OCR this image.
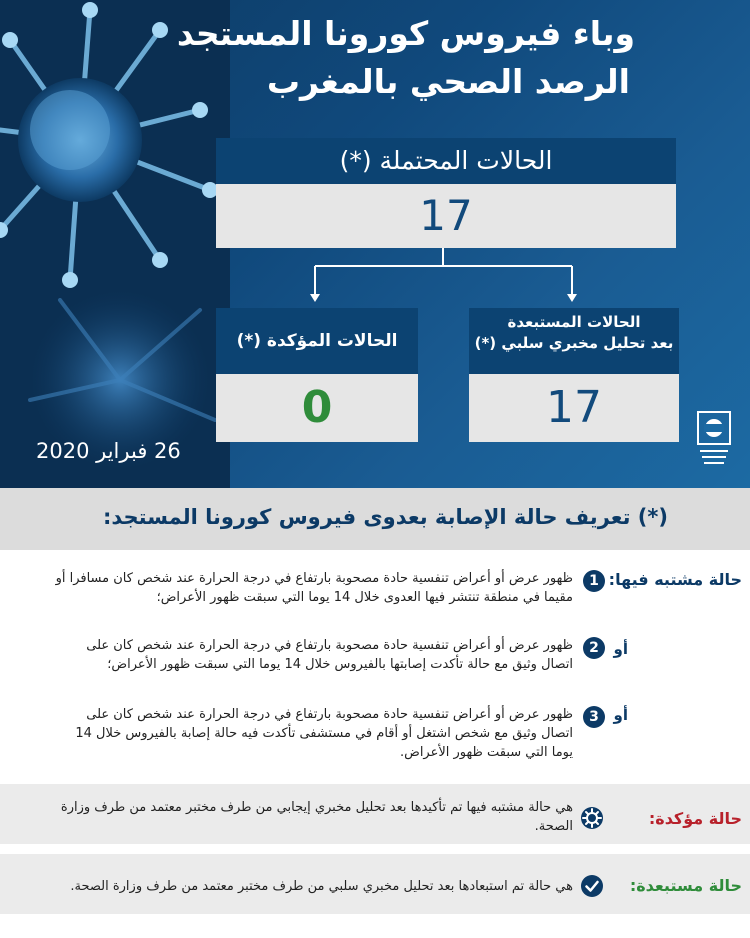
وباء فيروس كورونا المستجد
الرصد الصحي بالمغرب
الحالات المحتملة (*)
17
الحالات المؤكدة (*)
0
الحالات المستبعدة
بعد تحليل مخبري سلبي (*)
17
26 فبراير 2020
(*) تعريف حالة الإصابة بعدوى فيروس كورونا المستجد:
حالة مشتبه فيها:
1
ظهور عرض أو أعراض تنفسية حادة مصحوبة بارتفاع في درجة الحرارة عند شخص كان مسافرا أو مقيما في منطقة تنتشر فيها العدوى خلال 14 يوما التي سبقت ظهور الأعراض؛
أو
2
ظهور عرض أو أعراض تنفسية حادة مصحوبة بارتفاع في درجة الحرارة عند شخص كان على اتصال وثيق مع حالة تأكدت إصابتها بالفيروس خلال 14 يوما التي سبقت ظهور الأعراض؛
أو
3
ظهور عرض أو أعراض تنفسية حادة مصحوبة بارتفاع في درجة الحرارة عند شخص كان على اتصال وثيق مع شخص اشتغل أو أقام في مستشفى تأكدت فيه حالة إصابة بالفيروس خلال 14 يوما التي سبقت ظهور الأعراض.
حالة مؤكدة:
هي حالة مشتبه فيها تم تأكيدها بعد تحليل مخبري إيجابي من طرف مختبر معتمد من طرف وزارة الصحة.
حالة مستبعدة:
هي حالة تم استبعادها بعد تحليل مخبري سلبي من طرف مختبر معتمد من طرف وزارة الصحة.
